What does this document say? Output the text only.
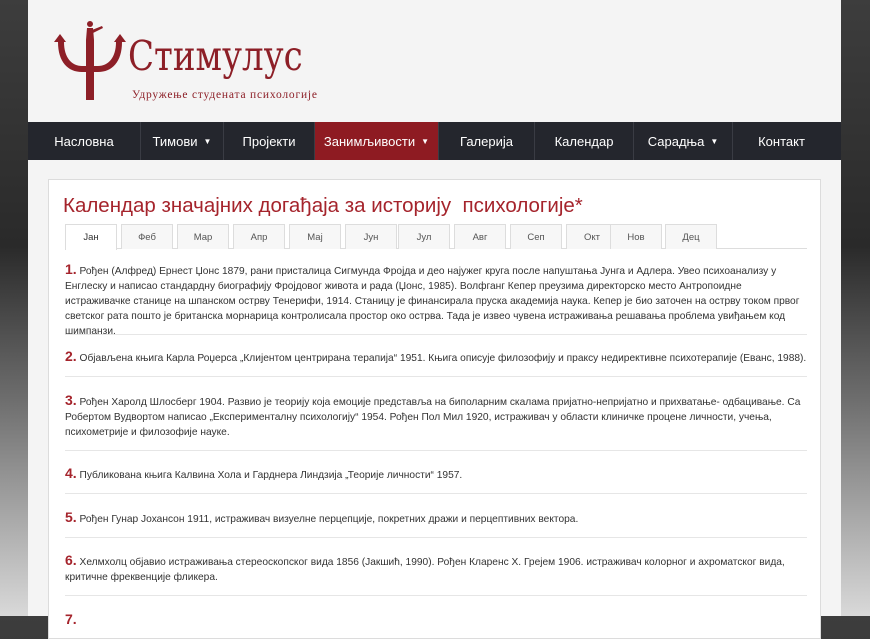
Стимулус
Удружење студената психологије
Насловна	Тимови ▼ Пројекти Занимљивости ▼ Галерија	Календар	Сарадња ▼	Контакт
Календар значајних догађаја за историју  психологије*
Јан	Феб	Мар	Апр	Мај	Јун	Јул	Авг	Сеп	Окт	Нов	Дец

1. Рођен (Алфред) Ернест Џонс 1879, рани присталица Сигмунда Фројда и део најужег круга после напуштања Јунга и Адлера. Увео психоанализу у Енглеску и написао стандардну биографију Фројдовог живота и рада (Џонс, 1985). Волфганг Кепер преузима директорско место Антропоидне истраживачке станице на шпанском острву Тенерифи, 1914. Станицу је финансирала пруска академија наука. Кепер је био заточен на острву током првог светског рата пошто је британска морнарица контролисала простор око острва. Тада је извео чувена истраживања решавања проблема увиђањем код шимпанзи.

2. Објављена књига Карла Роџерса „Клијентом центрирана терапија“ 1951. Књига описује филозофију и праксу недирективне психотерапије (Еванс, 1988).

3. Рођен Харолд Шлосберг 1904. Развио је теорију која емоције представља на биполарним скалама пријатно-непријатно и прихватање- одбацивање. Са Робертом Вудвортом написао „Експерименталну психологију“ 1954. Рођен Пол Мил 1920, истраживач у области клиничке процене личности, учења, психометрије и филозофије науке.

4. Публикована књига Калвина Хола и Гарднера Линдзија „Теорије личности“ 1957.

5. Рођен Гунар Јохансон 1911, истраживач визуелне перцепције, покретних дражи и перцептивних вектора.

6. Хелмхолц објавио истраживања стереоскопског вида 1856 (Јакшић, 1990). Рођен Кларенс Х. Грејем 1906. истраживач колорног и ахроматског вида, критичне фреквенције фликера.

7.
